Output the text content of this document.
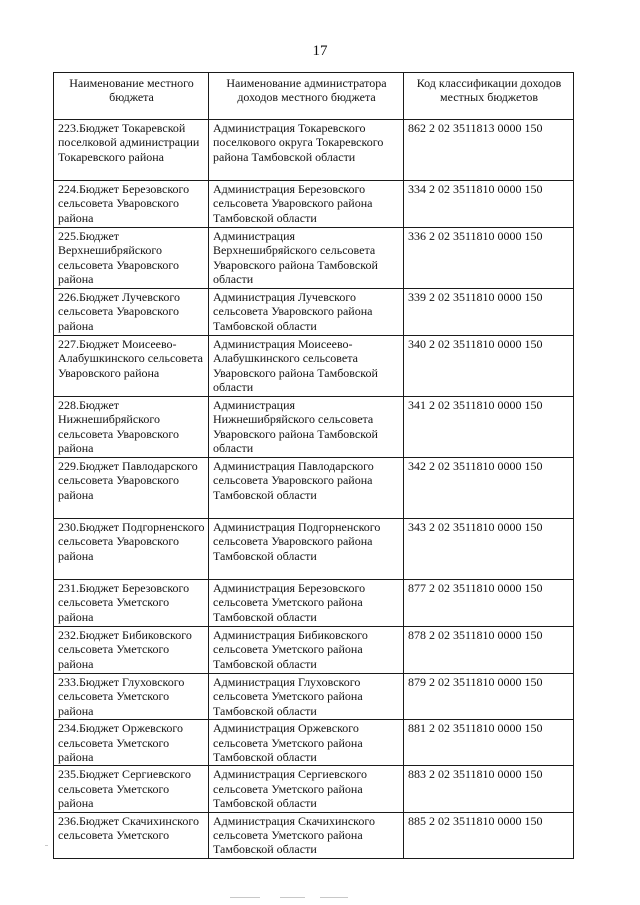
17
Наименование местного бюджета	Наименование администратора доходов местного бюджета	Код классификации доходов местных бюджетов
223.Бюджет Токаревской поселковой администрации Токаревского района	Администрация Токаревского поселкового округа Токаревского района Тамбовской области	862 2 02 3511813 0000 150
224.Бюджет Березовского сельсовета Уваровского района	Администрация Березовского сельсовета Уваровского района Тамбовской области	334 2 02 3511810 0000 150
225.Бюджет Верхнешибряйского сельсовета Уваровского района	Администрация Верхнешибряйского сельсовета Уваровского района Тамбовской области	336 2 02 3511810 0000 150
226.Бюджет Лучевского сельсовета Уваровского района	Администрация Лучевского сельсовета Уваровского района Тамбовской области	339 2 02 3511810 0000 150
227.Бюджет Моисеево-Алабушкинского сельсовета Уваровского района	Администрация Моисеево-Алабушкинского сельсовета Уваровского района Тамбовской области	340 2 02 3511810 0000 150
228.Бюджет Нижнешибряйского сельсовета Уваровского района	Администрация Нижнешибряйского сельсовета Уваровского района Тамбовской области	341 2 02 3511810 0000 150
229.Бюджет Павлодарского сельсовета Уваровского района	Администрация Павлодарского сельсовета Уваровского района Тамбовской области	342 2 02 3511810 0000 150
230.Бюджет Подгорненского сельсовета Уваровского района	Администрация Подгорненского сельсовета Уваровского района Тамбовской области	343 2 02 3511810 0000 150
231.Бюджет Березовского сельсовета Уметского района	Администрация Березовского сельсовета Уметского района Тамбовской области	877 2 02 3511810 0000 150
232.Бюджет Бибиковского сельсовета Уметского района	Администрация Бибиковского сельсовета Уметского района Тамбовской области	878 2 02 3511810 0000 150
233.Бюджет Глуховского сельсовета Уметского района	Администрация Глуховского сельсовета Уметского района Тамбовской области	879 2 02 3511810 0000 150
234.Бюджет Оржевского сельсовета Уметского района	Администрация Оржевского сельсовета Уметского района Тамбовской области	881 2 02 3511810 0000 150
235.Бюджет Сергиевского сельсовета Уметского района	Администрация Сергиевского сельсовета Уметского района Тамбовской области	883 2 02 3511810 0000 150
236.Бюджет Скачихинского сельсовета Уметского	Администрация Скачихинского сельсовета Уметского района Тамбовской области	885 2 02 3511810 0000 150
